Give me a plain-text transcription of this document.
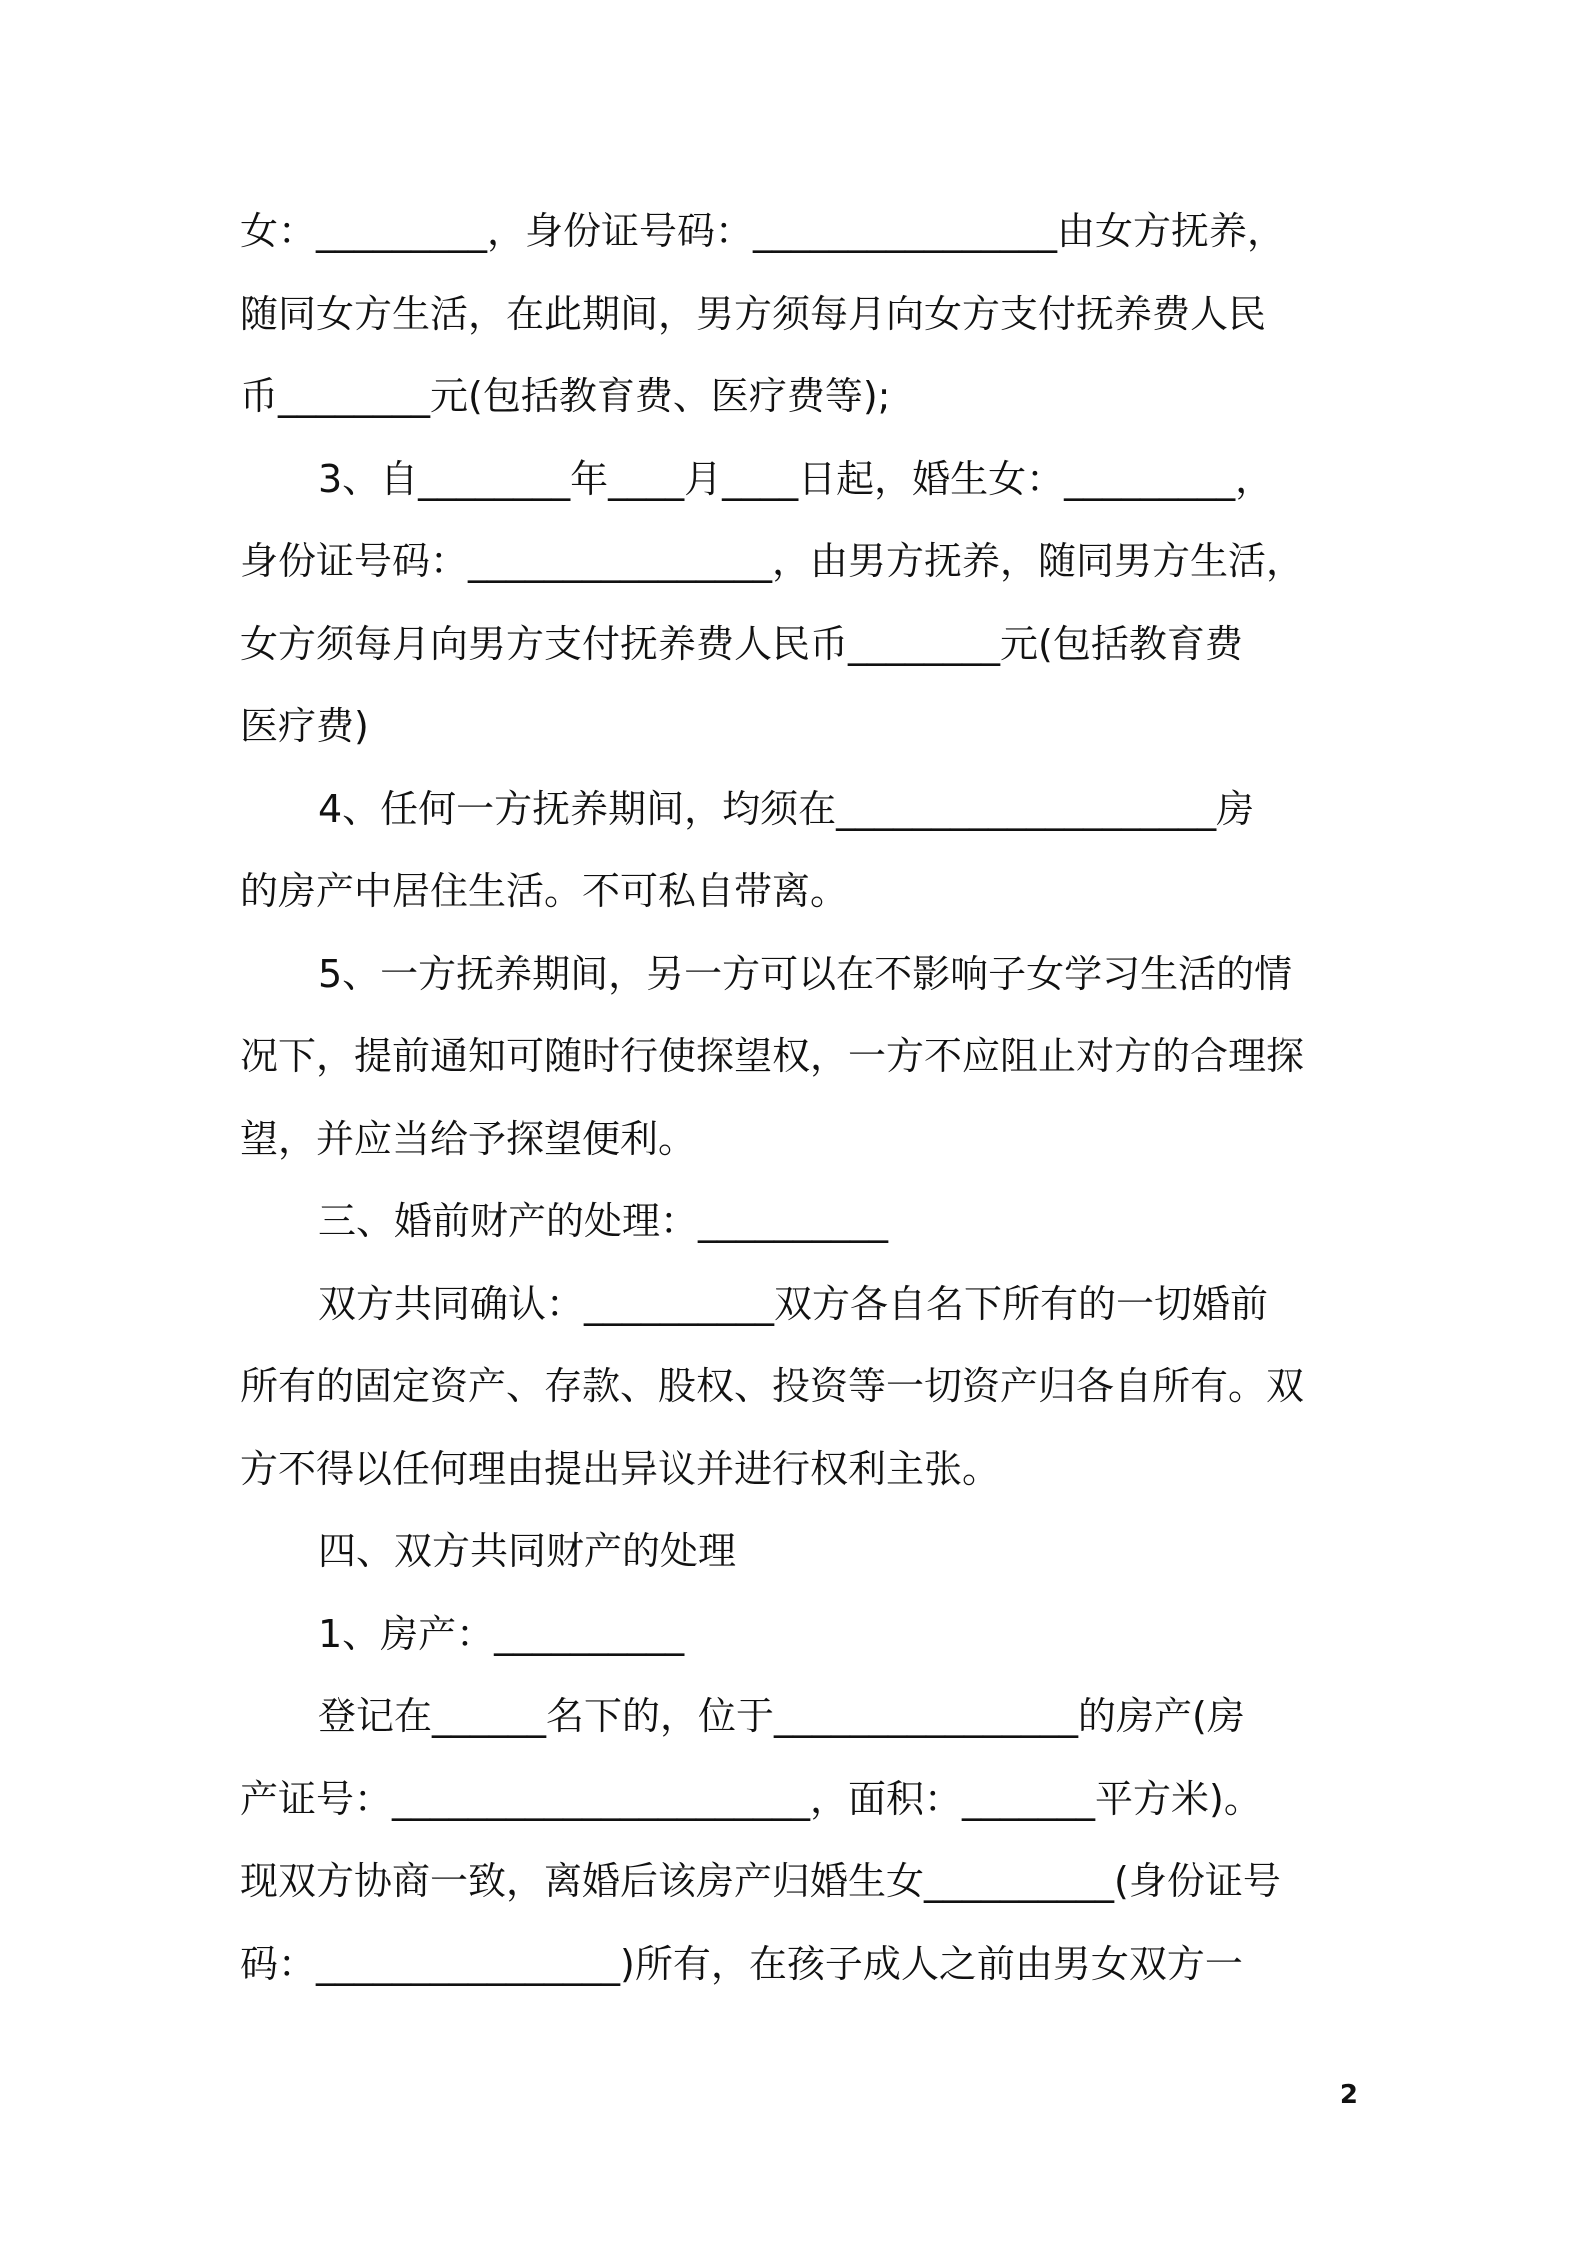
女：_________，身份证号码：________________由女方抚养，
随同女方生活，在此期间，男方须每月向女方支付抚养费人民
币________元(包括教育费、医疗费等);
3、自________年____月____日起，婚生女：_________，
身份证号码：________________，由男方抚养，随同男方生活，
女方须每月向男方支付抚养费人民币________元(包括教育费
医疗费)
4、任何一方抚养期间，均须在____________________房
的房产中居住生活。不可私自带离。
5、一方抚养期间，另一方可以在不影响子女学习生活的情
况下，提前通知可随时行使探望权，一方不应阻止对方的合理探
望，并应当给予探望便利。
三、婚前财产的处理：__________
双方共同确认：__________双方各自名下所有的一切婚前
所有的固定资产、存款、股权、投资等一切资产归各自所有。双
方不得以任何理由提出异议并进行权利主张。
四、双方共同财产的处理
1、房产：__________
登记在______名下的，位于________________的房产(房
产证号：______________________，面积：_______平方米)。
现双方协商一致，离婚后该房产归婚生女__________(身份证号
码：________________)所有，在孩子成人之前由男女双方一
2
